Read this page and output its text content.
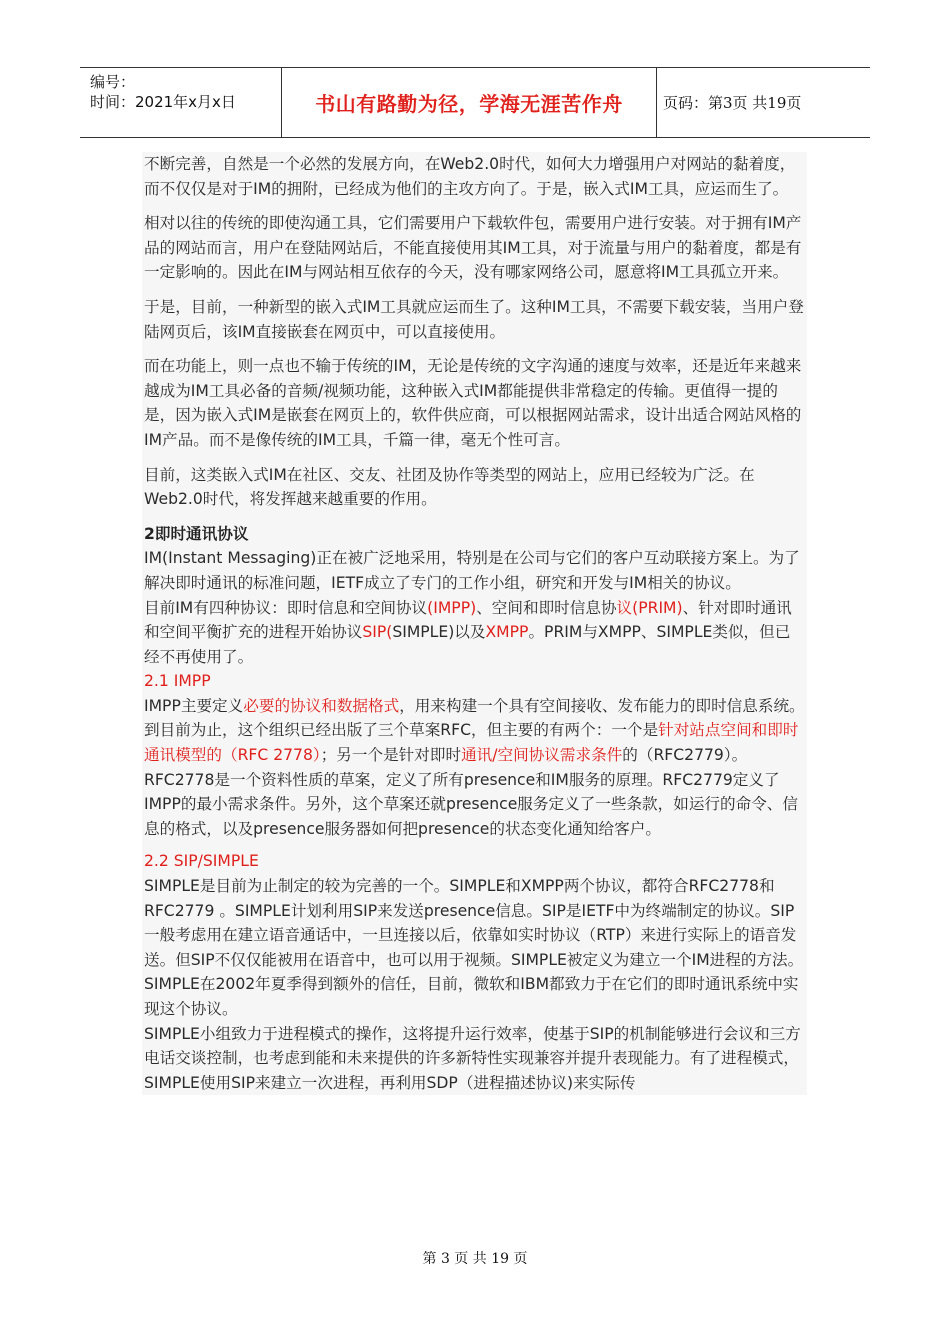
编号：
时间：2021年x月x日	书山有路勤为径，学海无涯苦作舟	页码：第3页 共19页

不断完善，自然是一个必然的发展方向，在Web2.0时代，如何大力增强用户对网站的黏着度，而不仅仅是对于IM的拥附，已经成为他们的主攻方向了。于是，嵌入式IM工具，应运而生了。

相对以往的传统的即使沟通工具，它们需要用户下载软件包，需要用户进行安装。对于拥有IM产品的网站而言，用户在登陆网站后，不能直接使用其IM工具，对于流量与用户的黏着度，都是有一定影响的。因此在IM与网站相互依存的今天，没有哪家网络公司，愿意将IM工具孤立开来。

于是，目前，一种新型的嵌入式IM工具就应运而生了。这种IM工具，不需要下载安装，当用户登陆网页后，该IM直接嵌套在网页中，可以直接使用。

而在功能上，则一点也不输于传统的IM，无论是传统的文字沟通的速度与效率，还是近年来越来越成为IM工具必备的音频/视频功能，这种嵌入式IM都能提供非常稳定的传输。更值得一提的是，因为嵌入式IM是嵌套在网页上的，软件供应商，可以根据网站需求，设计出适合网站风格的IM产品。而不是像传统的IM工具，千篇一律，毫无个性可言。

目前，这类嵌入式IM在社区、交友、社团及协作等类型的网站上，应用已经较为广泛。在Web2.0时代，将发挥越来越重要的作用。

2即时通讯协议

IM(Instant Messaging)正在被广泛地采用，特别是在公司与它们的客户互动联接方案上。为了解决即时通讯的标准问题，IETF成立了专门的工作小组，研究和开发与IM相关的协议。

目前IM有四种协议：即时信息和空间协议(IMPP)、空间和即时信息协议(PRIM)、针对即时通讯和空间平衡扩充的进程开始协议SIP(SIMPLE)以及XMPP。PRIM与XMPP、SIMPLE类似，但已经不再使用了。

2.1 IMPP

IMPP主要定义必要的协议和数据格式，用来构建一个具有空间接收、发布能力的即时信息系统。到目前为止，这个组织已经出版了三个草案RFC，但主要的有两个：一个是针对站点空间和即时通讯模型的（RFC 2778）；另一个是针对即时通讯/空间协议需求条件的（RFC2779）。RFC2778是一个资料性质的草案，定义了所有presence和IM服务的原理。RFC2779定义了IMPP的最小需求条件。另外，这个草案还就presence服务定义了一些条款，如运行的命令、信息的格式，以及presence服务器如何把presence的状态变化通知给客户。

2.2 SIP/SIMPLE

SIMPLE是目前为止制定的较为完善的一个。SIMPLE和XMPP两个协议，都符合RFC2778和RFC2779 。SIMPLE计划利用SIP来发送presence信息。SIP是IETF中为终端制定的协议。SIP一般考虑用在建立语音通话中，一旦连接以后，依靠如实时协议（RTP）来进行实际上的语音发送。但SIP不仅仅能被用在语音中，也可以用于视频。SIMPLE被定义为建立一个IM进程的方法。SIMPLE在2002年夏季得到额外的信任，目前，微软和IBM都致力于在它们的即时通讯系统中实现这个协议。

SIMPLE小组致力于进程模式的操作，这将提升运行效率，使基于SIP的机制能够进行会议和三方电话交谈控制，也考虑到能和未来提供的许多新特性实现兼容并提升表现能力。有了进程模式，SIMPLE使用SIP来建立一次进程，再利用SDP（进程描述协议)来实际传

第 3 页 共 19 页
